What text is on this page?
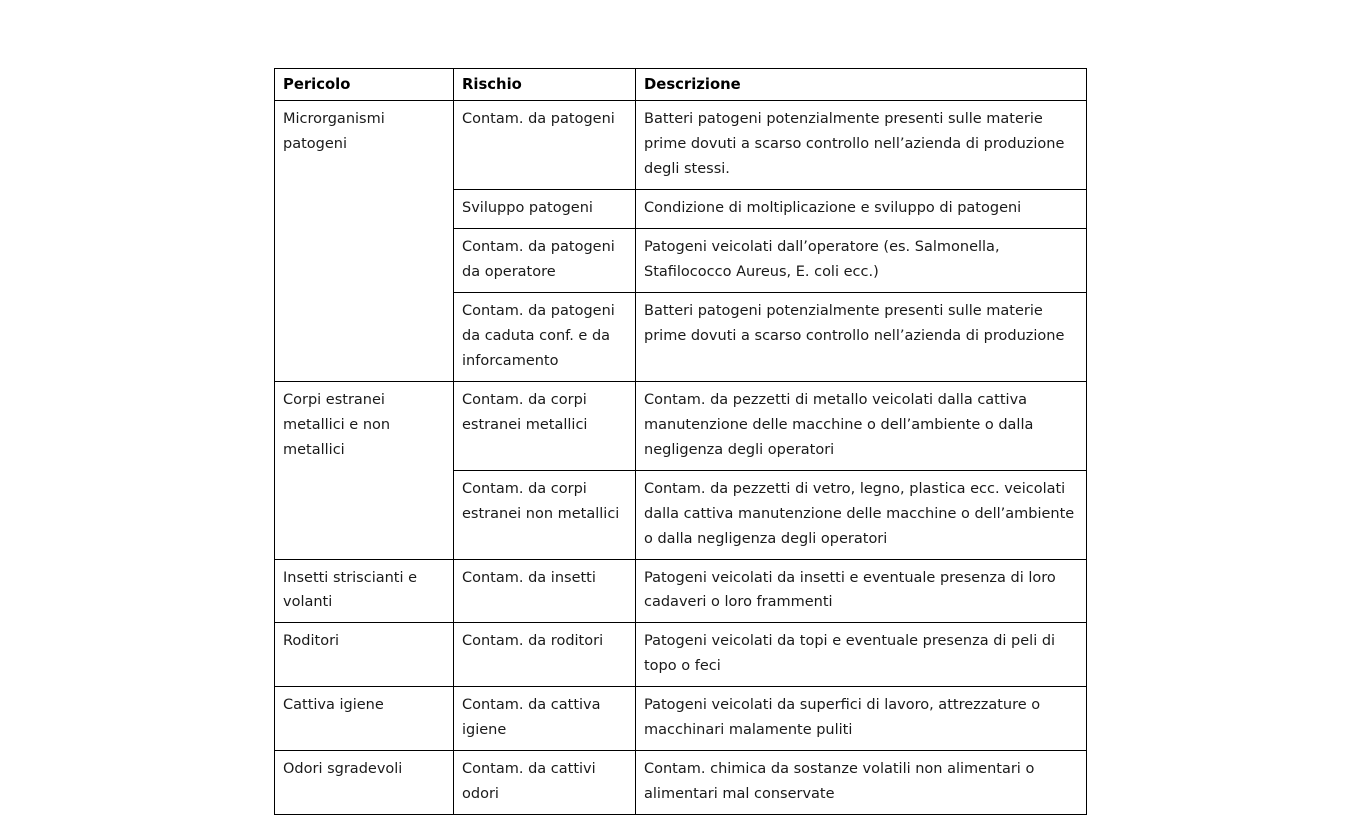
Pericolo	Rischio	Descrizione
Microrganismi patogeni	Contam. da patogeni	Batteri patogeni potenzialmente presenti sulle materie prime dovuti a scarso controllo nell’azienda di produzione degli stessi.
	Sviluppo patogeni	Condizione di moltiplicazione e sviluppo di patogeni
	Contam. da patogeni da operatore	Patogeni veicolati dall’operatore (es. Salmonella, Stafilococco Aureus, E. coli ecc.)
	Contam. da patogeni da caduta conf. e da inforcamento	Batteri patogeni potenzialmente presenti sulle materie prime dovuti a scarso controllo nell’azienda di produzione
Corpi estranei metallici e non metallici	Contam. da corpi estranei metallici	Contam. da pezzetti di metallo veicolati dalla cattiva manutenzione delle macchine o dell’ambiente o dalla negligenza degli operatori
	Contam. da corpi estranei non metallici	Contam. da pezzetti di vetro, legno, plastica ecc. veicolati dalla cattiva manutenzione delle macchine o dell’ambiente o dalla negligenza degli operatori
Insetti striscianti e volanti	Contam. da insetti	Patogeni veicolati da insetti e eventuale presenza di loro cadaveri o loro frammenti
Roditori	Contam. da roditori	Patogeni veicolati da topi e eventuale presenza di peli di topo o feci
Cattiva igiene	Contam. da cattiva igiene	Patogeni veicolati da superfici di lavoro, attrezzature o macchinari malamente puliti
Odori sgradevoli	Contam. da cattivi odori	Contam. chimica da sostanze volatili non alimentari o alimentari mal conservate
